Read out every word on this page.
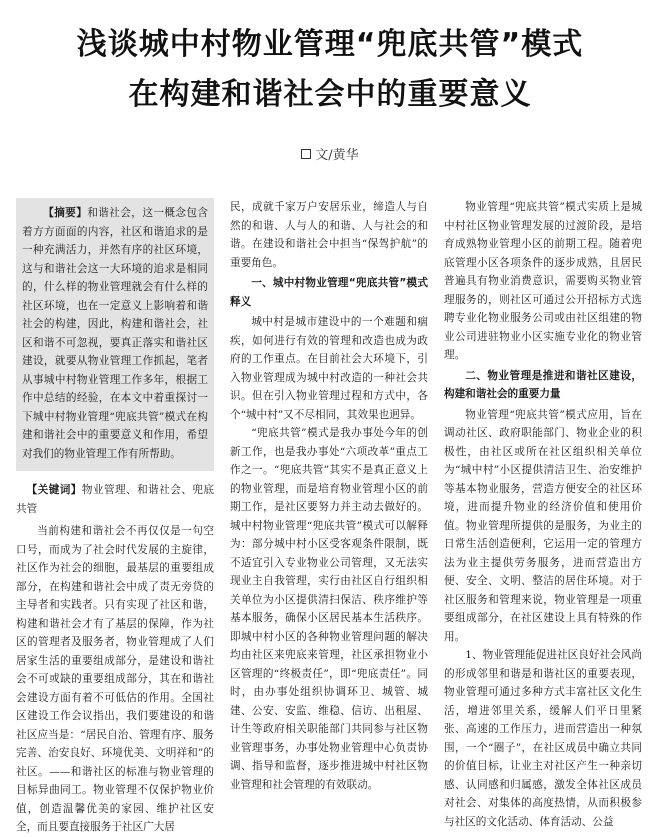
浅谈城中村物业管理“兜底共管”模式
在构建和谐社会中的重要意义
文/黄华

【摘要】和谐社会，这一概念包含着方方面面的内容，社区和谐追求的是一种充满活力，并然有序的社区环境，这与和谐社会这一大环境的追求是相同的，什么样的物业管理就会有什么样的社区环境，也在一定意义上影响着和谐社会的构建，因此，构建和谐社会，社区和谐不可忽视，要真正落实和谐社区建设，就要从物业管理工作抓起，笔者从事城中村物业管理工作多年，根据工作中总结的经验，在本文中着重探讨一下城中村物业管理“兜底共管”模式在构建和谐社会中的重要意义和作用，希望对我们的物业管理工作有所帮助。

【关键词】物业管理、和谐社会、兜底共管

当前构建和谐社会不再仅仅是一句空口号，而成为了社会时代发展的主旋律，社区作为社会的细胞，最基层的重要组成部分，在构建和谐社会中成了责无旁贷的主导者和实践者。只有实现了社区和谐，构建和谐社会才有了基层的保障，作为社区的管理者及服务者，物业管理成了人们居家生活的重要组成部分，是建设和谐社会不可或缺的重要组成部分，其在和谐社会建设方面有着不可低估的作用。全国社区建设工作会议指出，我们要建设的和谐社区应当是：“居民自治、管理有序、服务完善、治安良好、环境优美、文明祥和”的社区。——和谐社区的标准与物业管理的目标异曲同工。物业管理不仅保护物业价值，创造温馨优美的家园、维护社区安全，而且要直接服务于社区广大居

民，成就千家万户安居乐业，缔造人与自然的和谐、人与人的和谐、人与社会的和谐。在建设和谐社会中担当“保驾护航”的重要角色。

一、城中村物业管理“兜底共管”模式释义

城中村是城市建设中的一个难题和痼疾，如何进行有效的管理和改造也成为政府的工作重点。在目前社会大环境下，引入物业管理成为城中村改造的一种社会共识。但在引入物业管理过程和方式中，各个“城中村”又不尽相同，其效果也迥异。

“兜底共管”模式是我办事处今年的创新工作，也是我办事处“六项改革”重点工作之一。“兜底共管”其实不是真正意义上的物业管理，而是培育物业管理小区的前期工作，是社区要努力并主动去做好的。城中村物业管理“兜底共管”模式可以解释为：部分城中村小区受客观条件限制，既不适宜引入专业物业公司管理，又无法实现业主自我管理，实行由社区自行组织相关单位为小区提供清扫保洁、秩序维护等基本服务，确保小区居民基本生活秩序。即城中村小区的各种物业管理问题的解决均由社区来兜底来管理，社区承担物业小区管理的“终极责任”，即“兜底责任”。同时，由办事处组织协调环卫、城管、城建、公安、安监、维稳、信访、出租屋、计生等政府相关职能部门共同参与社区物业管理事务，办事处物业管理中心负责协调、指导和监督，逐步推进城中村社区物业管理和社会管理的有效联动。

物业管理“兜底共管”模式实质上是城中村社区物业管理发展的过渡阶段，是培育成熟物业管理小区的前期工程。随着兜底管理小区各项条件的逐步成熟，且居民普遍具有物业消费意识，需要购买物业管理服务的，则社区可通过公开招标方式选聘专业化物业服务公司或由社区组建的物业公司进驻物业小区实施专业化的物业管理。

二、物业管理是推进和谐社区建设，构建和谐社会的重要力量

物业管理“兜底共管”模式应用，旨在调动社区、政府职能部门、物业企业的积极性，由社区或所在社区组织相关单位为“城中村”小区提供清洁卫生、治安维护等基本物业服务，营造方便安全的社区环境，进而提升物业的经济价值和使用价值。物业管理所提供的是服务，为业主的日常生活创造便利，它运用一定的管理方法为业主提供劳务服务，进而营造出方便、安全、文明、整洁的居住环境。对于社区服务和管理来说，物业管理是一项重要组成部分，在社区建设上具有特殊的作用。

1、物业管理能促进社区良好社会风尚的形成邻里和谐是和谐社区的重要表现，物业管理可通过多种方式丰富社区文化生活，增进邻里关系，缓解人们平日里紧张、高速的工作压力，进而营造出一种氛围，一个“圈子”，在社区成员中确立共同的价值目标，让业主对社区产生一种亲切感、认同感和归属感，激发全体社区成员对社会、对集体的高度热情，从而积极参与社区的文化活动、体育活动、公益
